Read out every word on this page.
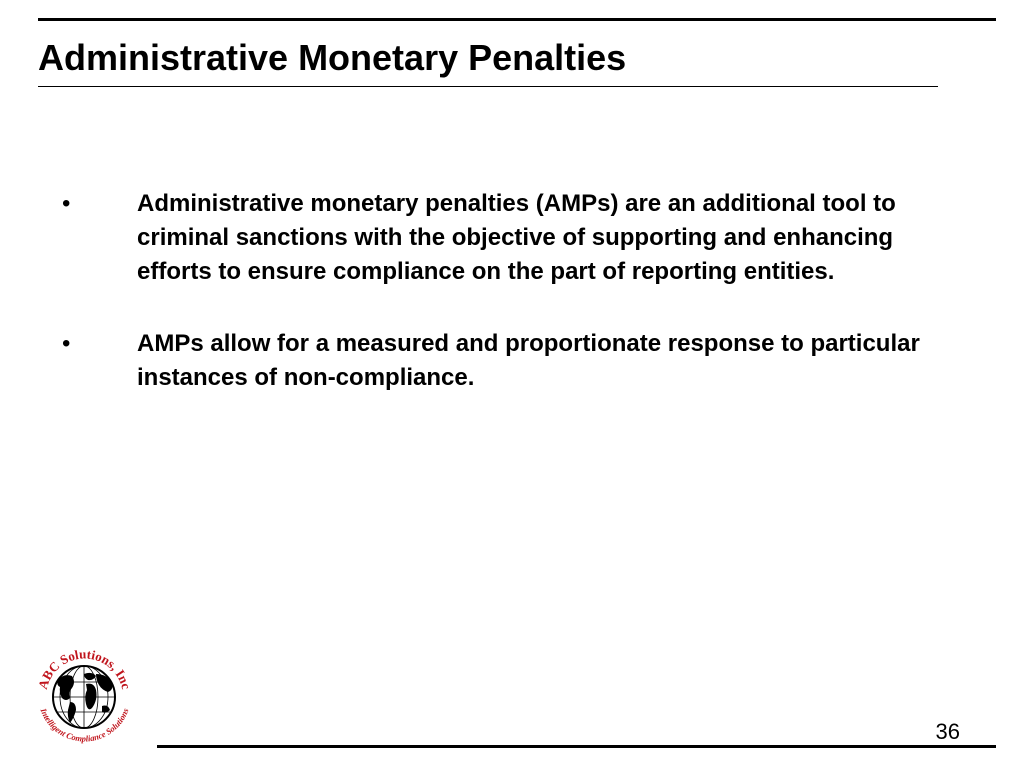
Administrative Monetary Penalties
•	Administrative monetary penalties (AMPs) are an additional tool to criminal sanctions with the objective of supporting and enhancing efforts to ensure compliance on the part of reporting entities.
•	AMPs allow for a measured and proportionate response to particular instances of non-compliance.
ABC Solutions, Inc
Intelligent Compliance Solutions
36
